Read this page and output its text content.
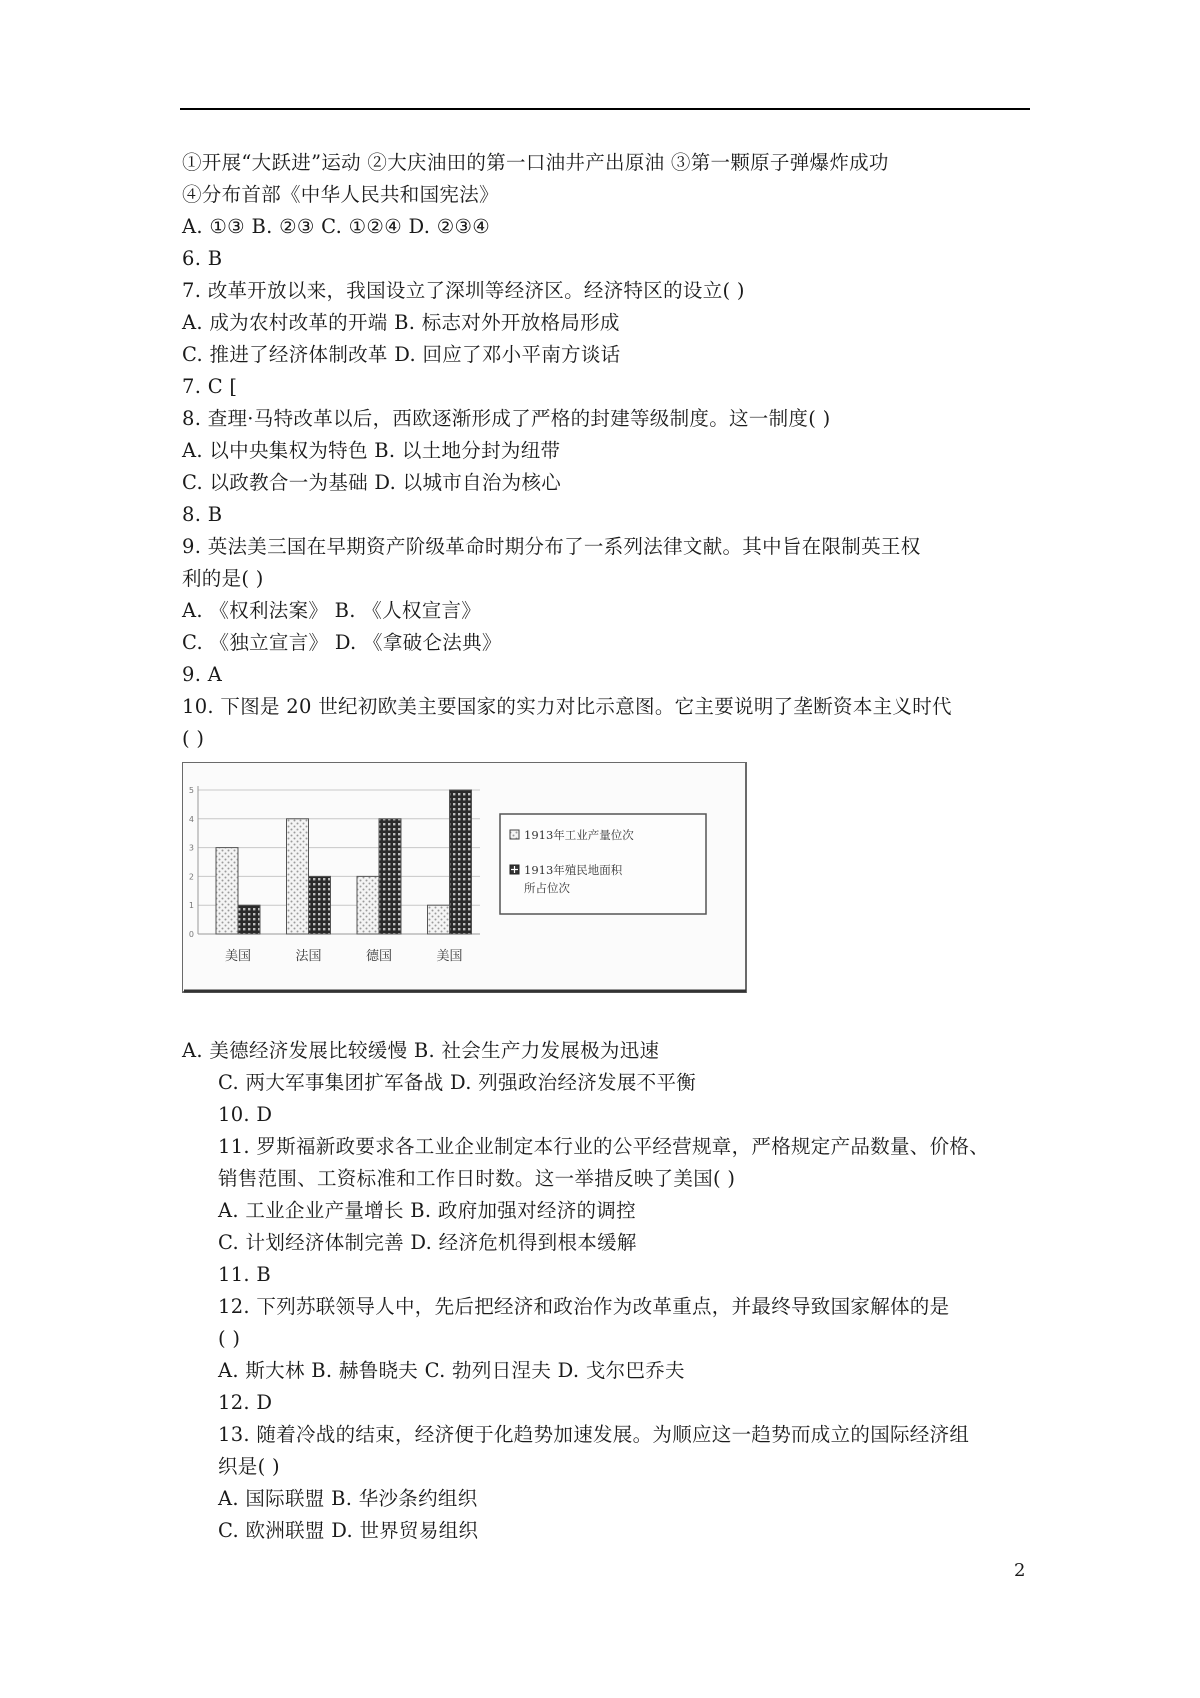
①开展“大跃进”运动 ②大庆油田的第一口油井产出原油 ③第一颗原子弹爆炸成功
④分布首部《中华人民共和国宪法》
A. ①③ B. ②③ C. ①②④ D. ②③④
6. B
7. 改革开放以来，我国设立了深圳等经济区。经济特区的设立( )
A. 成为农村改革的开端 B. 标志对外开放格局形成
C. 推进了经济体制改革 D. 回应了邓小平南方谈话
7. C [
8. 查理·马特改革以后，西欧逐渐形成了严格的封建等级制度。这一制度( )
A. 以中央集权为特色 B. 以土地分封为纽带
C. 以政教合一为基础 D. 以城市自治为核心
8. B
9. 英法美三国在早期资产阶级革命时期分布了一系列法律文献。其中旨在限制英王权
利的是( )
A. 《权利法案》 B. 《人权宣言》
C. 《独立宣言》 D. 《拿破仑法典》
9. A
10. 下图是 20 世纪初欧美主要国家的实力对比示意图。它主要说明了垄断资本主义时代
( )
A. 美德经济发展比较缓慢 B. 社会生产力发展极为迅速
C. 两大军事集团扩军备战 D. 列强政治经济发展不平衡
10. D
11. 罗斯福新政要求各工业企业制定本行业的公平经营规章，严格规定产品数量、价格、
销售范围、工资标准和工作日时数。这一举措反映了美国( )
A. 工业企业产量增长 B. 政府加强对经济的调控
C. 计划经济体制完善 D. 经济危机得到根本缓解
11. B
12. 下列苏联领导人中，先后把经济和政治作为改革重点，并最终导致国家解体的是
( )
A. 斯大林 B. 赫鲁晓夫 C. 勃列日涅夫 D. 戈尔巴乔夫
12. D
13. 随着冷战的结束，经济便于化趋势加速发展。为顺应这一趋势而成立的国际经济组
织是( )
A. 国际联盟 B. 华沙条约组织
C. 欧洲联盟 D. 世界贸易组织
0
1
2
3
4
5
美国	法国	德国	美国
1913年工业产量位次
1913年殖民地面积
所占位次
2
